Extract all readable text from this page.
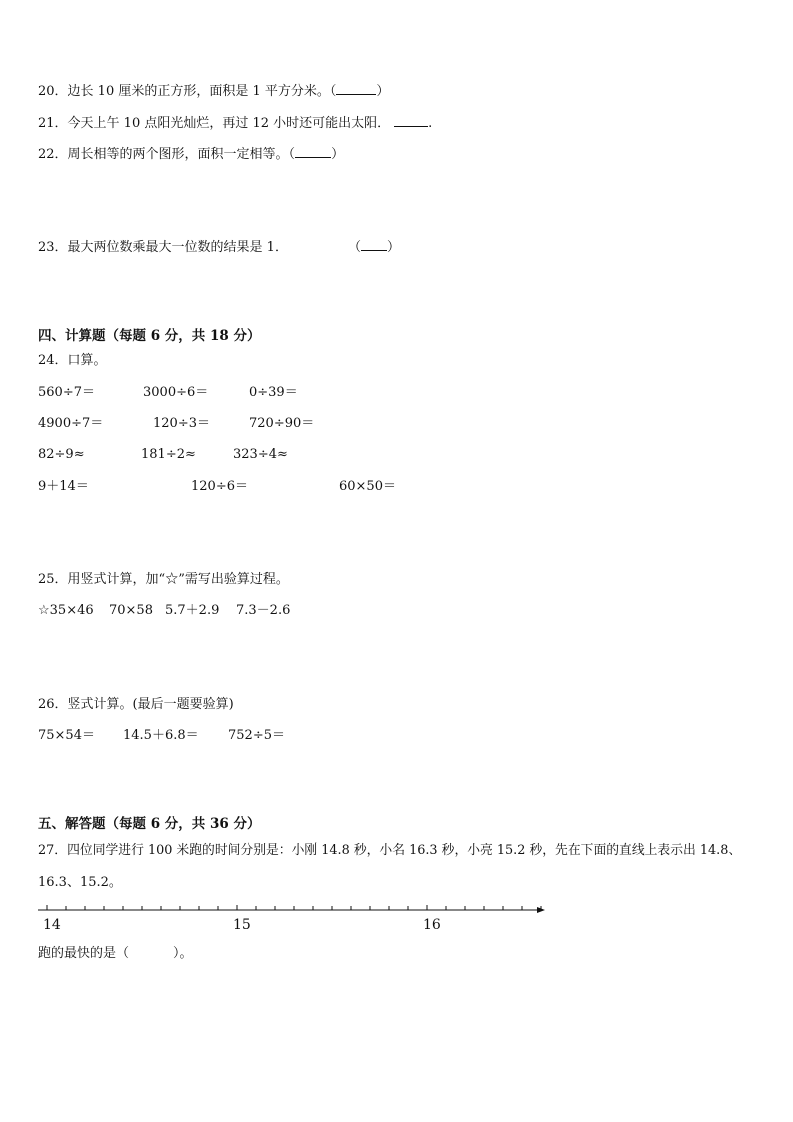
20．边长 10 厘米的正方形，面积是 1 平方分米。（	）
21．今天上午 10 点阳光灿烂，再过 12 小时还可能出太阳．	.
22．周长相等的两个图形，面积一定相等。（	）
23．最大两位数乘最大一位数的结果是 1．	（ ）
四、计算题（每题 6 分，共 18 分）
24．口算。
560÷7＝	3000÷6＝	0÷39＝
4900÷7＝	120÷3＝	720÷90＝
82÷9≈	181÷2≈	323÷4≈
9＋14＝	120÷6＝	60×50＝
25．用竖式计算，加“☆”需写出验算过程。
☆35×46 70×58 5.7＋2.9 7.3－2.6
26．竖式计算。(最后一题要验算)
75×54＝ 14.5＋6.8＝ 752÷5＝
五、解答题（每题 6 分，共 36 分）
27．四位同学进行 100 米跑的时间分别是：小刚 14.8 秒，小名 16.3 秒，小亮 15.2 秒，先在下面的直线上表示出 14.8、
16.3、15.2。
14	15	16
跑的最快的是（	）。
